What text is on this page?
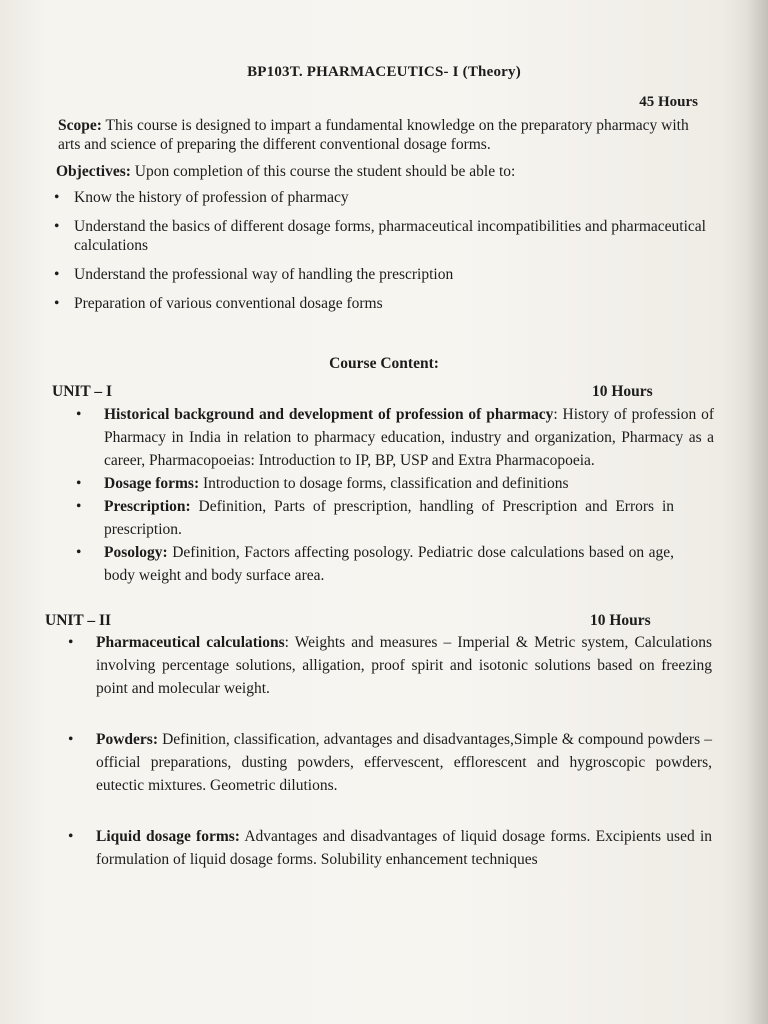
BP103T. PHARMACEUTICS- I (Theory)
45 Hours
Scope: This course is designed to impart a fundamental knowledge on the preparatory pharmacy with arts and science of preparing the different conventional dosage forms.
Objectives: Upon completion of this course the student should be able to:
• Know the history of profession of pharmacy
• Understand the basics of different dosage forms, pharmaceutical incompatibilities and pharmaceutical calculations
• Understand the professional way of handling the prescription
• Preparation of various conventional dosage forms
Course Content:
UNIT – I	10 Hours
• Historical background and development of profession of pharmacy: History of profession of Pharmacy in India in relation to pharmacy education, industry and organization, Pharmacy as a career, Pharmacopoeias: Introduction to IP, BP, USP and Extra Pharmacopoeia.
• Dosage forms: Introduction to dosage forms, classification and definitions
• Prescription: Definition, Parts of prescription, handling of Prescription and Errors in prescription.
• Posology: Definition, Factors affecting posology. Pediatric dose calculations based on age, body weight and body surface area.
UNIT – II	10 Hours
• Pharmaceutical calculations: Weights and measures – Imperial & Metric system, Calculations involving percentage solutions, alligation, proof spirit and isotonic solutions based on freezing point and molecular weight.
• Powders: Definition, classification, advantages and disadvantages,Simple & compound powders – official preparations, dusting powders, effervescent, efflorescent and hygroscopic powders, eutectic mixtures. Geometric dilutions.
• Liquid dosage forms: Advantages and disadvantages of liquid dosage forms. Excipients used in formulation of liquid dosage forms. Solubility enhancement techniques
